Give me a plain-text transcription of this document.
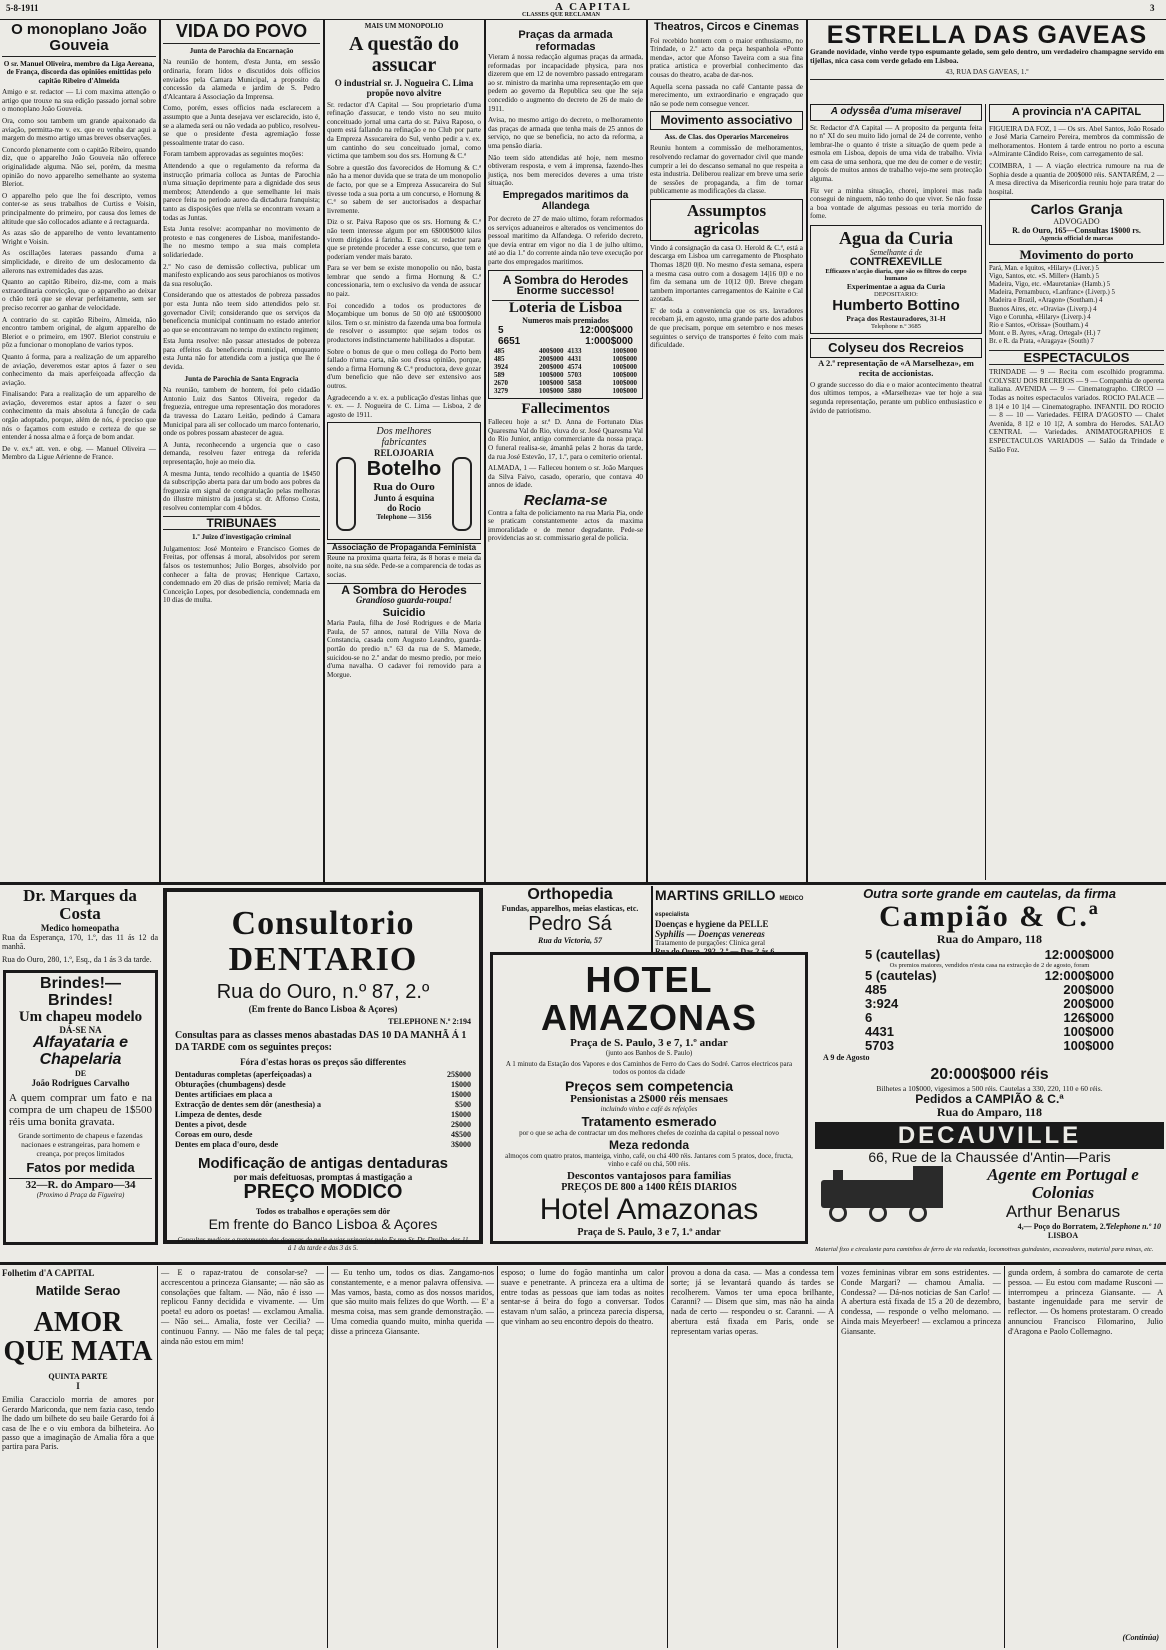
5-8-1911	A CAPITAL
CLASSES QUE RECLAMAN
3
O monoplano João Gouveia

O sr. Manuel Oliveira, membro da Liga Aereana, de França, discorda das opiniões emittidas pelo capitão Ribeiro d'Almeida

Amigo e sr. redactor — Li com maxima attenção o artigo que trouxe na sua edição passado jornal sobre o monoplano João Gouveia.

Ora, como sou tambem um grande apaixonado da aviação, permitta-me v. ex. que eu venha dar aqui a margem do mesmo artigo umas breves observações.

Concordo plenamente com o capitão Ribeiro, quando diz, que o apparelho João Gouveia não offerece originalidade alguma. Não sei, porém, da mesma opinião do novo apparelho semelhante ao systema Bleriot.

O apparelho pelo que lhe foi descripto, vemos conter-se as seus trabalhos de Curtiss e Voisin, principalmente do primeiro, por causa dos lemes de altitude que são collocados adiante e á rectaguarda.

As azas são de apparelho de vento levantamento Wright e Voisin.

As oscillações lateraes passando d'uma a simplicidade, e direito de um deslocamento da ailerons nas extremidades das azas.

Quanto ao capitão Ribeiro, diz-me, com a mais extraordinaria convicção, que o apparelho ao deixar o chão terá que se elevar perfeitamente, sem ser preciso recorrer ao ganhar de velocidade.

A contrario do sr. capitão Ribeiro, Almeida, não encontro tambem original, de algum apparelho de Bleriot e o primeiro, em 1907. Bleriot construiu e pôz a funcionar o monoplano de varios typos.

Quanto á forma, para a realização de um apparelho de aviação, deveremos estar aptos á fazer o seu conhecimento da mais aperfeiçoada affecção da aviação.

Finalisando: Para a realização de um apparelho de aviação, deveremos estar aptos a fazer o seu conhecimento da mais absoluta á funcção de cada orgão adoptado, porque, além de nós, é preciso que nós o façamos com estudo e certeza de que se entender á nossa alma e á força de bom andar.

De v. ex.ª att. ven. e obg. — Manuel Oliveira — Membro da Ligue Aérienne de France.

VIDA DO POVO

Junta de Parochia da Encarnação

Na reunião de hontem, d'esta Junta, em sessão ordinaria, foram lidos e discutidos dois officios enviados pela Camara Municipal, a proposito da concessão da alameda e jardim de S. Pedro d'Alcantara á Associação da Imprensa.

Como, porém, esses officios nada esclarecem a assumpto que a Junta desejava ver esclarecido, isto é, se a alameda será ou não vedada ao publico, resolveu-se que o presidente d'esta agremiação fosse pessoalmente tratar do caso.

Foram tambem approvadas as seguintes moções:

Attendendo a que o regulamento da reforma da instrucção primaria colloca as Juntas de Parochia n'uma situação deprimente para a dignidade dos seus membros; Attendendo a que semelhante lei mais parece feita no periodo aureo da dictadura franquista; tanto as disposições que n'ella se encontram vexam a todas as Juntas.

Esta Junta resolve: acompanhar no movimento de protesto e nas congeneres de Lisboa, manifestando-lhe no mesmo tempo a sua mais completa solidariedade.

2.º No caso de demissão collectiva, publicar um manifesto explicando aos seus parochianos os motivos da sua resolução.

Considerando que os attestados de pobreza passados por esta Junta não teem sido attendidos pelo sr. governador Civil; considerando que os serviços da beneficencia municipal continuam no estado anterior ao que se encontravam no tempo do extincto regimen;

Esta Junta resolve: não passar attestados de pobreza para effeitos da beneficencia municipal, emquanto esta Junta não for attendida com a justiça que lhe é devida.

Junta de Parochia de Santa Engracia

Na reunião, tambem de hontem, foi pelo cidadão Antonio Luiz dos Santos Oliveira, regedor da freguezia, entregue uma representação dos moradores da travessa do Lazaro Leitão, pedindo á Camara Municipal para ali ser collocado um marco fontenario, onde os pobres possam abastecer de agua.

A Junta, reconhecendo a urgencia que o caso demanda, resolveu fazer entrega da referida representação, hoje ao meio dia.

A mesma Junta, tendo recolhido a quantia de 1$450 da subscripção aberta para dar um bodo aos pobres da freguezia em signal de congratulação pelas melhoras do illustre ministro da justiça sr. dr. Affonso Costa, resolveu contemplar com 4 bôdos.

TRIBUNAES

1.º Juizo d'investigação criminal

Julgamentos: José Monteiro e Francisco Gomes de Freitas, por offensas á moral, absolvidos por serem falsos os testemunhos; Julio Borges, absolvido por conhecer a falta de provas; Henrique Cartaxo, condemnado em 20 dias de prisão remivel; Maria da Conceição Lopes, por desobediencia, condemnada em 10 dias de multa.

MAIS UM MONOPOLIO

A questão do assucar

O industrial sr. J. Nogueira C. Lima propõe novo alvitre

Sr. redactor d'A Capital — Sou proprietario d'uma refinação d'assucar, e tendo visto no seu muito conceituado jornal uma carta do sr. Paiva Raposo, o quem está fallando na refinação e no Club por parte da Empreza Assucareira do Sul, venho pedir a v. ex. um cantinho do seu conceituado jornal, como victima que tambem sou dos srs. Hornung & C.ª

Sobre a questão dos favorecidos de Hornung & C.ª não ha a menor duvida que se trata de um monopolio de facto, por que se a Empreza Assucareira do Sul tivesse toda a sua porta a um concurso, e Hornung & C.ª so sabem de ser auctorisados a despachar livremente.

Diz o sr. Paiva Raposo que os srs. Hornung & C.ª não teem interesse algum por em 6$000$000 kilos virem dirigidos á farinha. E caso, sr. redactor para que se pretende proceder a esse concurso, que tem e poderiam vender mais barato.

Para se ver bem se existe monopolio ou não, basta lembrar que sendo a firma Hornung & C.ª concessionaria, tem o exclusivo da venda de assucar no paiz.

Foi concedido a todos os productores de Moçambique um bonus de 50 0|0 até 6$000$000 kilos. Tem o sr. ministro da fazenda uma boa formula de resolver o assumpto: que sejam todos os productores indistinctamente habilitados a disputar.

Sobre o bonus de que o meu collega do Porto bem fallado n'uma carta, não sou d'essa opinião, porque, sendo a firma Hornung & C.ª productora, deve gozar d'um beneficio que não deve ser extensivo aos outros.

Agradecendo a v. ex. a publicação d'estas linhas que v. ex. — J. Nogueira de C. Lima — Lisboa, 2 de agosto de 1911.

Dos melhores
fabricantes
RELOJOARIA
Botelho
Rua do Ouro
Junto á esquina
do Rocio
Telephone — 3156
Associação de Propaganda Feminista

Reune na proxima quarta feira, ás 8 horas e meia da noite, na sua séde. Pede-se a comparencia de todas as socias.

A Sombra do Herodes

Grandioso guarda-roupa!

Suicidio

Maria Paula, filha de José Rodrigues e de Maria Paula, de 57 annos, natural de Villa Nova de Constancia, casada com Augusto Leandro, guarda-portão do predio n.º 63 da rua de S. Mamede, suicidou-se no 2.º andar do mesmo predio, por meio d'uma navalha. O cadaver foi removido para a Morgue.

Praças da armada reformadas

Vieram á nossa redacção algumas praças da armada, reformadas por incapacidade physica, para nos dizerem que em 12 de novembro passado entregaram ao sr. ministro da marinha uma representação em que pedem ao governo da Republica seu que lhe seja concedido o augmento do decreto de 26 de maio de 1911.

Avisa, no mesmo artigo do decreto, o melhoramento das praças de armada que tenha mais de 25 annos de serviço, no que se beneficia, no acto da reforma, a uma pensão diaria.

Não teem sido attendidas até hoje, nem mesmo obtiveram resposta, e vem á imprensa, fazendo-lhes justiça, nos bem merecidos deveres a uma triste situação.

Empregados maritimos da Allandega

Por decreto de 27 de maio ultimo, foram reformados os serviços aduaneiros e alterados os vencimentos do pessoal maritimo da Alfandega. O referido decreto, que devia entrar em vigor no dia 1 de julho ultimo, até ao dia 1.º do corrente ainda não teve execução por parte dos empregados maritimos.

A Sombra do Herodes
Enorme successo!
Loteria de Lisboa
Numeros mais premiados
5	12:000$000
6651	1:000$000
485	400$000	4133	100$000
485	200$000	4431	100$000
3924	200$000	4574	100$000
589	100$000	5703	100$000
2670	100$000	5858	100$000
3279	100$000	5880	100$000
Fallecimentos

Falleceu hoje a sr.ª D. Anna de Fortunato Dias Quaresma Val do Rio, viuva do sr. José Quaresma Val do Rio Junior, antigo commerciante da nossa praça. O funeral realisa-se, ámanhã pelas 2 horas da tarde, da rua José Estevão, 17, 1.º, para o cemiterio oriental.

ALMADA, 1 — Falleceu hontem o sr. João Marques da Silva Faivo, casado, operario, que contava 40 annos de idade.

Reclama-se

Contra a falta de policiamento na rua Maria Pia, onde se praticam constantemente actos da maxima immoralidade e de menor degradante. Pede-se providencias ao sr. commissario geral de policia.

Theatros, Circos e Cinemas

Foi recebido hontem com o maior enthusiasmo, no Trindade, o 2.º acto da peça hespanhola «Ponte menda», actor que Afonso Taveira com a sua fina pratica artistica e proverbial conhecimento das cousas do theatro, acaba de dar-nos.

Aquella scena passada no café Cantante passa de merecimento, um extraordinario e engraçado que não se pode nem consegue vencer.

Movimento associativo

Ass. de Clas. dos Operarios Marceneiros

Reuniu hontem a commissão de melhoramentos, resolvendo reclamar do governador civil que mande cumprir a lei do descanso semanal no que respeita a esta industria. Deliberou realizar em breve uma serie de sessões de propaganda, a fim de tornar publicamente as modificações da classe.

Assumptos agricolas

Vindo á consignação da casa O. Herold & C.ª, está a descarga em Lisboa um carregamento de Phosphato Thomas 18|20 0|0. No mesmo d'esta semana, espera a mesma casa outro com a dosagem 14|16 0|0 e no fim da semana um de 10|12 0|0. Breve chegam tambem importantes carregamentos de Kainite e Cal azotada.

E' de toda a conveniencia que os srs. lavradores recebam já, em agosto, uma grande parte dos adubos de que precisam, porque em setembro e nos meses seguintes o serviço de transportes é feito com mais dificuldade.

ESTRELLA DAS GAVEAS

Grande novidade, vinho verde typo espumante gelado, sem gelo dentro, um verdadeiro champagne servido em tijellas, nica casa com verde gelado em Lisboa.

43, RUA DAS GAVEAS, 1.º

A odyssêa d'uma miseravel

Sr. Redactor d'A Capital — A proposito da pergunta feita no nº XI do seu muito lido jornal de 24 de corrente, venho lembrar-lhe o quanto é triste a situação de quem pede a esmola em Lisboa, depois de uma vida de trabalho. Vivia em casa de uma senhora, que me deu de comer e de vestir; depois de muitos annos de trabalho vejo-me sem protecção alguma.

Fiz ver a minha situação, chorei, implorei mas nada consegui de ninguem, não tenho do que viver. Se não fosse a boa vontade de algumas pessoas eu teria morrido de fome.

Agua da Curia
Semelhante á de
CONTREXEVILLE
Efficazes n'acção diaria, que são os filtros do corpo humano
Experimentae a agua da Curia
DEPOSITARIO:
Humberto Bottino
Praça dos Restauradores, 31-H
Telephone n.º 3685
Colyseu dos Recreios

A 2.ª representação de «A Marselheza», em recita de accionistas.

O grande successo do dia e o maior acontecimento theatral dos ultimos tempos, a «Marselheza» vae ter hoje a sua segunda representação, perante um publico enthusiastico e ávido de patriotismo.

A provincia n'A CAPITAL

FIGUEIRA DA FOZ, 1 — Os srs. Abel Santos, João Rosado e José Maria Carneiro Pereira, membros da commissão de melhoramentos. Hontem á tarde entrou no porto a escuna «Almirante Cândido Reis», com carregamento de sal.

COIMBRA, 1 — A viação electrica rumoure na rua de Sophia desde a quantia de 200$000 réis. SANTARÉM, 2 — A mesa directiva da Misericordia reuniu hoje para tratar do hospital.

Carlos Granja
ADVOGADO
R. do Ouro, 165—Consultas 1$000 rs.
Agencia official de marcas
Movimento do porto
Pará, Man. e Iquitos, «Hilary» (Liver.) 5
Vigo, Santos, etc. «S. Miller» (Hamb.) 5
Madeira, Vigo, etc. «Mauretania» (Hamb.) 5
Madeira, Pernambuco, «Lanfranc» (Liverp.) 5
Madeira e Brazil, «Aragon» (Southam.) 4
Buenos Aires, etc. «Oravia» (Liverp.) 4
Vigo e Corunha, «Hilary» (Liverp.) 4
Rio e Santos, «Orissa» (Southam.) 4
Mont. e B. Ayres, «Arag. Ortegal» (H.) 7
Br. e R. da Prata, «Aragaya» (South) 7
ESPECTACULOS

TRINDADE — 9 — Recita com escolhido programma. COLYSEU DOS RECREIOS — 9 — Companhia de opereta italiana. AVENIDA — 9 — Cinematographo. CIRCO — Todas as noites espectaculos variados. ROCIO PALACE — 8 1|4 e 10 1|4 — Cinematographo. INFANTIL DO ROCIO — 8 — 10 — Variedades. FEIRA D'AGOSTO — Chalet Avenida, 8 1|2 e 10 1|2, A sombra do Herodes. SALÃO CENTRAL — Variedades. ANIMATOGRAPHOS E ESPECTACULOS VARIADOS — Salão da Trindade e Salão Foz.

Dr. Marques da Costa
Medico homeopatha

Rua da Esperança, 170, 1.º, das 11 ás 12 da manhã.

Rua do Ouro, 280, 1.º, Esq., da 1 ás 3 da tarde.

Brindes!—Brindes!
Um chapeu modelo
DÁ-SE NA
Alfayataria e Chapelaria
DE
João Rodrigues Carvalho

A quem comprar um fato e na compra de um chapeu de 1$500 réis uma bonita gravata.

Grande sortimento de chapeus e fazendas nacionaes e estrangeiras, para homem e creança, por preços limitados

Fatos por medida
32—R. do Amparo—34
(Proximo á Praça da Figueira)
Consultorio DENTARIO
Rua do Ouro, n.º 87, 2.º
(Em frente do Banco Lisboa & Açores)
TELEPHONE N.º 2:194
Consultas para as classes menos abastadas DAS 10 DA MANHÃ Á 1 DA TARDE com os seguintes preços:
Fóra d'estas horas os preços são differentes
Dentaduras completas (aperfeiçoadas) a	25$000
Obturações (chumbagens) desde	1$000
Dentes artificiaes em placa a	1$000
Extracção de dentes sem dôr (anesthesia) a	$500
Limpeza de dentes, desde	1$000
Dentes a pivot, desde	2$000
Coroas em ouro, desde	4$500
Dentes em placa d'ouro, desde	3$000
Modificação de antigas dentaduras
por mais defeituosas, promptas á mastigação a
PREÇO MODICO
Todos os trabalhos e operações sem dôr
Em frente do Banco Lisboa & Açores
Consultas medicas e tratamento das doenças de pelle e vias urinarias pelo Ex.mo Sr. Dr. Drolhe, das 11 á 1 da tarde e das 3 ás 5.
Orthopedia
Fundas, apparelhos, meias elasticas, etc.
Pedro Sá
Rua da Victoria, 57
MARTINS GRILLO MEDICO especialista
Doenças e hygiene da PELLE
Syphilis — Doenças venereas
Tratamento de purgações: Clinica geral
Rua do Ouro, 292, 2.º — Das 2 ás 6
HOTEL AMAZONAS
Praça de S. Paulo, 3 e 7, 1.º andar
(junto aos Banhos de S. Paulo)
A 1 minuto da Estação dos Vapores e dos Caminhos de Ferro do Caes do Sodré. Carros electricos para todos os pontos da cidade
Preços sem competencia
Pensionistas a 2$000 réis mensaes
incluindo vinho e café ás refeições
Tratamento esmerado
por o que se acha de contractar um dos melhores chefes de cozinha da capital o pessoal novo
Meza redonda
almoços com quatro pratos, manteiga, vinho, café, ou chá 400 réis. Jantares com 5 pratos, doce, fructa, vinho e café ou chá, 500 réis.
Descontos vantajosos para familias
PREÇOS DE 800 a 1400 RÉIS DIARIOS
Hotel Amazonas
Praça de S. Paulo, 3 e 7, 1.º andar
Outra sorte grande em cautelas, da firma
Campião & C.ª
Rua do Amparo, 118
5 (cautellas)	12:000$000
Os premios maiores, vendidos n'esta casa na extracção de 2 de agosto, foram
5 (cautelas)	12:000$000
485	200$000
3:924	200$000
6	126$000
4431	100$000
5703	100$000
A 9 de Agosto
20:000$000 réis
Bilhetes a 10$000, vigesimos a 500 réis. Cautelas a 330, 220, 110 e 60 réis.
Pedidos a CAMPIÃO & C.ª
Rua do Amparo, 118
DECAUVILLE
66, Rue de la Chaussée d'Antin—Paris
Agente em Portugal e Colonias
Arthur Benarus
Telephone n.º 10
4,— Poço do Borratem, 2.º
LISBOA
Material fixo e circulante para caminhos de ferro de via reduzida, locomotivas guindastes, escavadores, material para minas, etc.
Folhetim d'A CAPITAL
Matilde Serao
AMOR QUE MATA
QUINTA PARTE
I

Emilia Caracciolo morria de amores por Gerardo Mariconda, que nem fazia caso, tendo lhe dado um bilhete do seu baile Gerardo foi á casa de lhe e o viu embora da bilheteira. Ao passo que a imaginação de Amalia fôra a que partira para Paris.

— E o rapaz-tratou de consolar-se? — accrescentou a princeza Giansante; — não são as consolações que faltam. — Não, não é isso — replicou Fanny decidida e vivamente. — Um poeta! eu adoro os poetas! — exclamou Amalia. — Não sei... Amalia, foste ver Cecilia? — continuou Fanny. — Não me fales de tal peça; ainda não estou em mim!

— Eu tenho um, todos os dias. Zangamo-nos constantemente, e a menor palavra offensiva. — Mas vamos, basta, como as dos nossos maridos, que são muito mais felizes do que Worth. — E' a mesma coisa, mas sem grande demonstração. — Uma comedia quando muito, minha querida — disse a princeza Giansante.

esposo; o lume do fogão mantinha um calor suave e penetrante. A princeza era a ultima de entre todas as pessoas que iam todas as noites sentar-se á beira do fogo a conversar. Todos estavam n'um salão, a princeza parecia dispersa, que vinham ao seu encontro depois do theatro.

provou a dona da casa. — Mas a condessa tem sorte; já se levantará quando ás tardes se recolherem. Vamos ter uma epoca brilhante, Caranni? — Disem que sim, mas não ha ainda nada de certo — respondeu o sr. Caranni. — A abertura está fixada em Paris, onde se representam varias operas.

vozes femininas vibrar em sons estridentes. — Conde Margari? — chamou Amalia. — Condessa? — Dá-nos noticias de San Carlo! — A abertura está fixada de 15 a 20 de dezembro, condessa, — responde o velho melomano. — Ainda mais Meyerbeer! — exclamou a princeza Giansante.

gunda ordem, á sombra do camarote de certa pessoa. — Eu estou com madame Rusconi — interrompeu a princeza Giansante. — A bastante ingenuidade para me servir de reflector. — Os homens protestaram. O creado annunciou Francisco Filomarino, Julio d'Aragona e Paolo Collemagno.

(Continúa)
